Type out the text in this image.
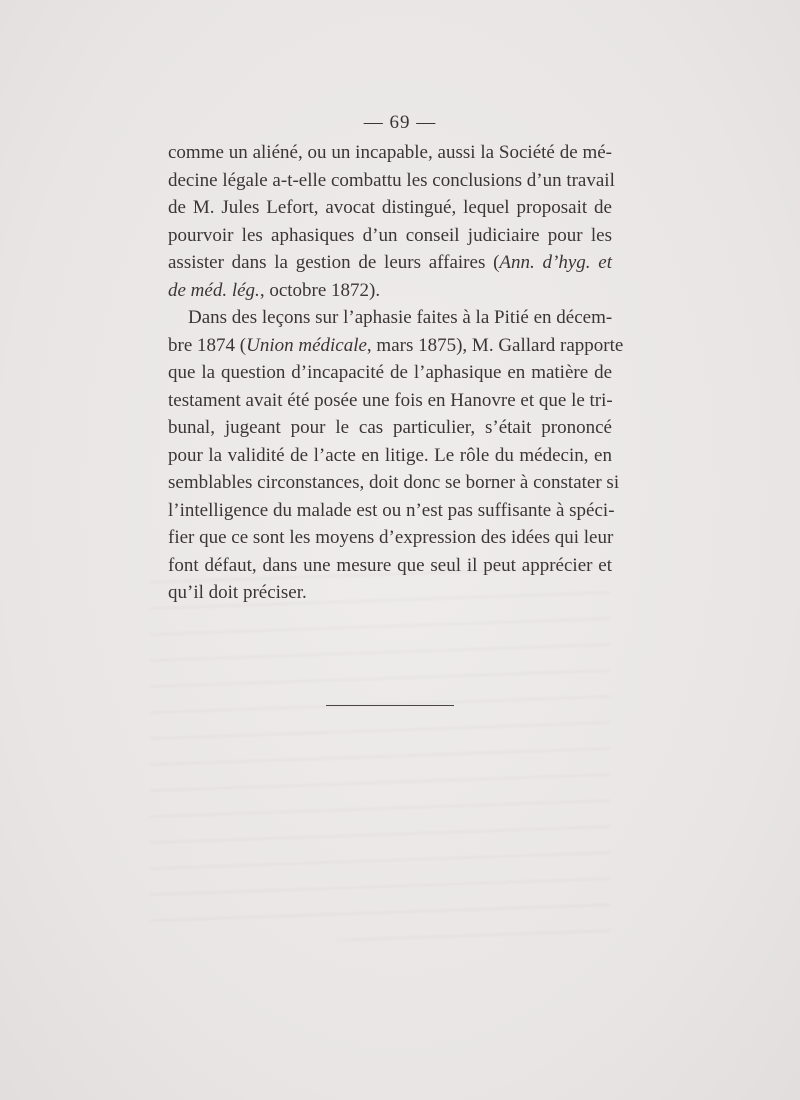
— 69 —
comme un aliéné, ou un incapable, aussi la Société de mé-
decine légale a-t-elle combattu les conclusions d’un travail
de M. Jules Lefort, avocat distingué, lequel proposait de
pourvoir les aphasiques d’un conseil judiciaire pour les
assister dans la gestion de leurs affaires (Ann. d’hyg. et
de méd. lég., octobre 1872).
Dans des leçons sur l’aphasie faites à la Pitié en décem-
bre 1874 (Union médicale, mars 1875), M. Gallard rapporte
que la question d’incapacité de l’aphasique en matière de
testament avait été posée une fois en Hanovre et que le tri-
bunal, jugeant pour le cas particulier, s’était prononcé
pour la validité de l’acte en litige. Le rôle du médecin, en
semblables circonstances, doit donc se borner à constater si
l’intelligence du malade est ou n’est pas suffisante à spéci-
fier que ce sont les moyens d’expression des idées qui leur
font défaut, dans une mesure que seul il peut apprécier et
qu’il doit préciser.
